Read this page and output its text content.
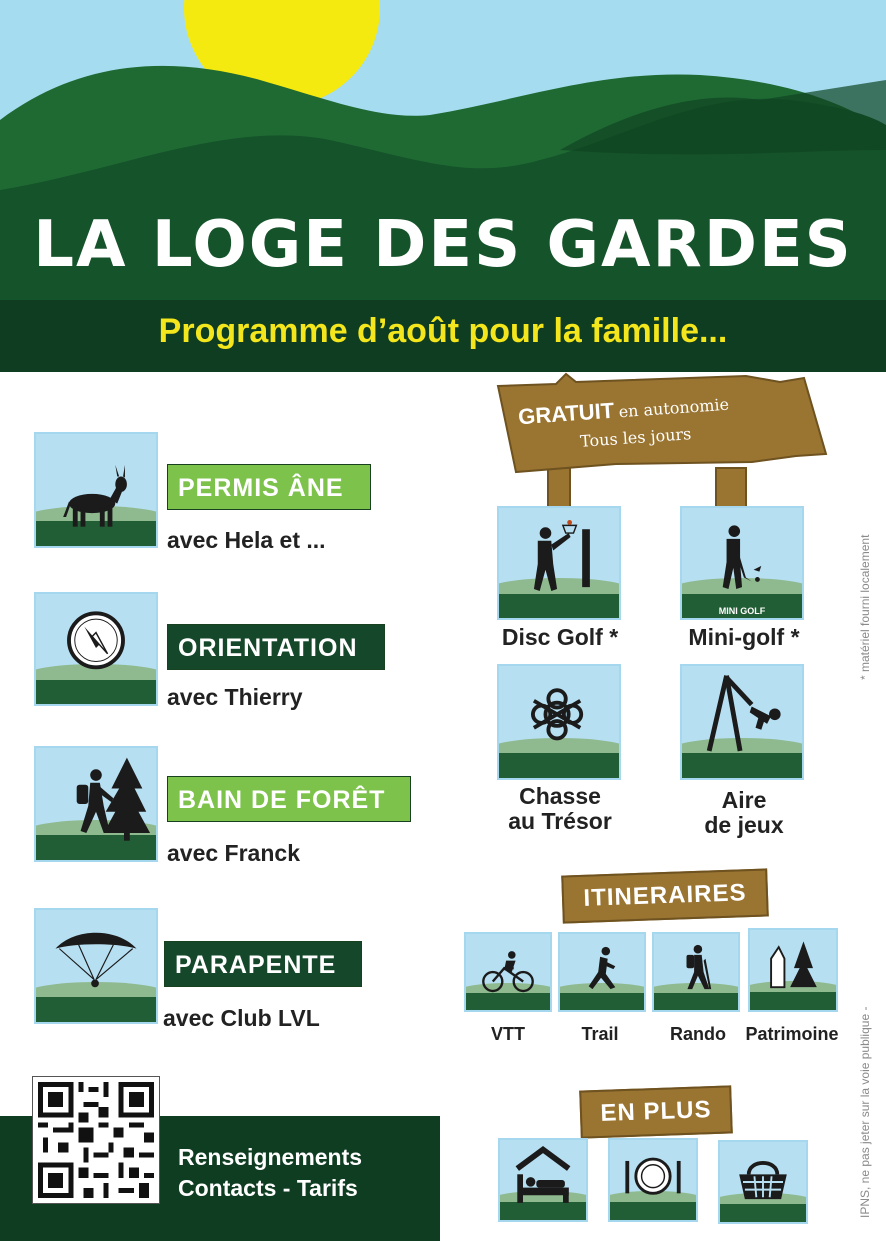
LA LOGE DES GARDES
Programme d’août pour la famille...
PERMIS ÂNE
avec Hela et ...
ORIENTATION
avec Thierry
BAIN DE FORÊT
avec Franck
PARAPENTE
avec Club LVL
GRATUIT en autonomie
Tous les jours
Disc Golf *
MINI GOLF
Mini-golf *
Chasse
au Trésor
Aire
de jeux
ITINERAIRES
VTT	Trail	Rando	Patrimoine
EN PLUS
Renseignements
Contacts - Tarifs
* matériel fourni localement
IPNS, ne pas jeter sur la voie publique -
